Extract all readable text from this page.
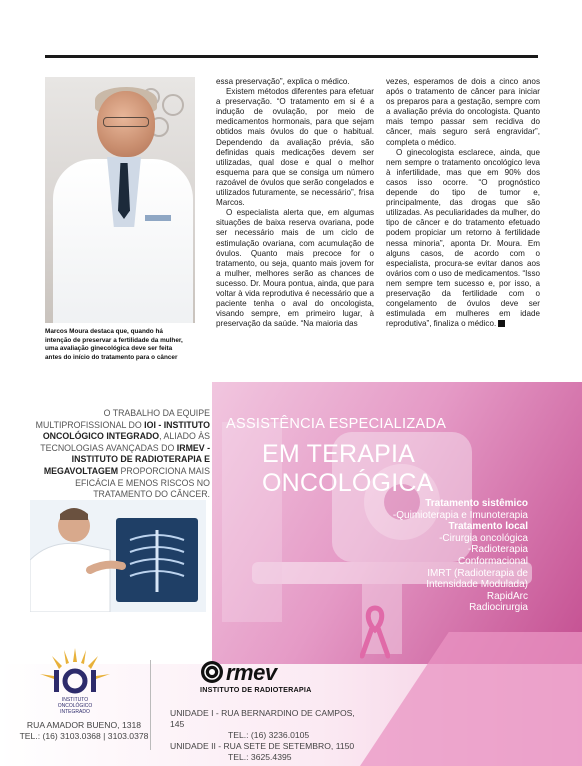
Marcos Moura destaca que, quando há

intenção de preservar a fertilidade da mulher,

uma avaliação ginecológica deve ser feita

antes do início do tratamento para o câncer

essa preservação”, explica o médico.

Existem métodos diferentes para efetuar a preservação. “O tratamento em si é a indução de ovulação, por meio de medicamentos hormonais, para que sejam obtidos mais óvulos do que o habitual. Dependendo da avaliação prévia, são definidas quais medicações devem ser utilizadas, qual dose e qual o melhor esquema para que se consiga um número razoável de óvulos que serão congelados e utilizados futuramente, se necessário”, frisa Marcos.

O especialista alerta que, em algumas situações de baixa reserva ovariana, pode ser necessário mais de um ciclo de estimulação ovariana, com acumulação de óvulos. Quanto mais precoce for o tratamento, ou seja, quanto mais jovem for a mulher, melhores serão as chances de sucesso. Dr. Moura pontua, ainda, que para voltar à vida reprodutiva é necessário que a paciente tenha o aval do oncologista, visando sempre, em primeiro lugar, à preservação da saúde. “Na maioria das

vezes, esperamos de dois a cinco anos após o tratamento de câncer para iniciar os preparos para a gestação, sempre com a avaliação prévia do oncologista. Quanto mais tempo passar sem recidiva do câncer, mais seguro será engravidar”, completa o médico.

O ginecologista esclarece, ainda, que nem sempre o tratamento oncológico leva à infertilidade, mas que em 90% dos casos isso ocorre. “O prognóstico depende do tipo de tumor e, principalmente, das drogas que são utilizadas. As peculiaridades da mulher, do tipo de câncer e do tratamento efetuado podem propiciar um retorno à fertilidade nessa minoria”, aponta Dr. Moura. Em alguns casos, de acordo com o especialista, procura-se evitar danos aos ovários com o uso de medicamentos. “Isso nem sempre tem sucesso e, por isso, a preservação da fertilidade com o congelamento de óvulos deve ser estimulada em mulheres em idade reprodutiva”, finaliza o médico.

O TRABALHO DA EQUIPE MULTIPROFISSIONAL DO IOI - INSTITUTO ONCOLÓGICO INTEGRADO, ALIADO ÀS TECNOLOGIAS AVANÇADAS DO IRMEV - INSTITUTO DE RADIOTERAPIA E MEGAVOLTAGEM PROPORCIONA MAIS EFICÁCIA E MENOS RISCOS NO TRATAMENTO DO CÂNCER.
ASSISTÊNCIA ESPECIALIZADA
EM TERAPIA ONCOLÓGICA
Tratamento sistêmico
-Quimioterapia e Imunoterapia
Tratamento local
-Cirurgia oncológica
-Radioterapia
Conformacional
IMRT (Radioterapia de
Intensidade Modulada)
RapidArc
Radiocirurgia
INSTITUTO
ONCOLÓGICO
INTEGRADO
RUA AMADOR BUENO, 1318
TEL.: (16) 3103.0368 | 3103.0378
rmev
INSTITUTO DE RADIOTERAPIA
UNIDADE I - RUA BERNARDINO DE CAMPOS, 145
TEL.: (16) 3236.0105
UNIDADE II - RUA SETE DE SETEMBRO, 1150
TEL.: 3625.4395
